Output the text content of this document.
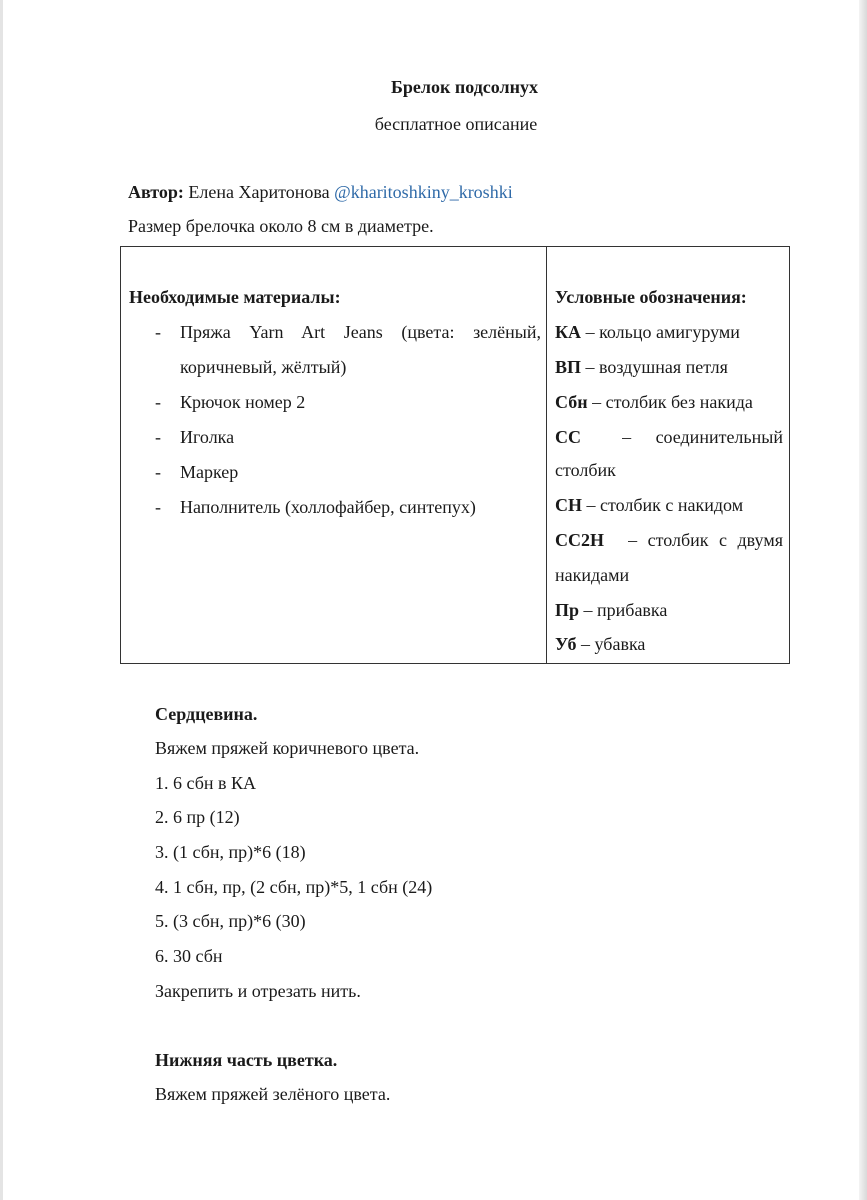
Брелок подсолнух
бесплатное описание
Автор: Елена Харитонова @kharitoshkiny_kroshki
Размер брелочка около 8 см в диаметре.
Необходимые материалы:
- Пряжа Yarn Art Jeans (цвета: зелёный,
коричневый, жёлтый)
- Крючок номер 2
- Иголка
- Маркер
- Наполнитель (холлофайбер, синтепух)
Условные обозначения:
КА – кольцо амигуруми
ВП – воздушная петля
Сбн – столбик без накида
СС – соединительный
столбик
СН – столбик с накидом
СС2Н – столбик с двумя
накидами
Пр – прибавка
Уб – убавка
Сердцевина.
Вяжем пряжей коричневого цвета.
1. 6 сбн в КА
2. 6 пр (12)
3. (1 сбн, пр)*6 (18)
4. 1 сбн, пр, (2 сбн, пр)*5, 1 сбн (24)
5. (3 сбн, пр)*6 (30)
6. 30 сбн
Закрепить и отрезать нить.
Нижняя часть цветка.
Вяжем пряжей зелёного цвета.
